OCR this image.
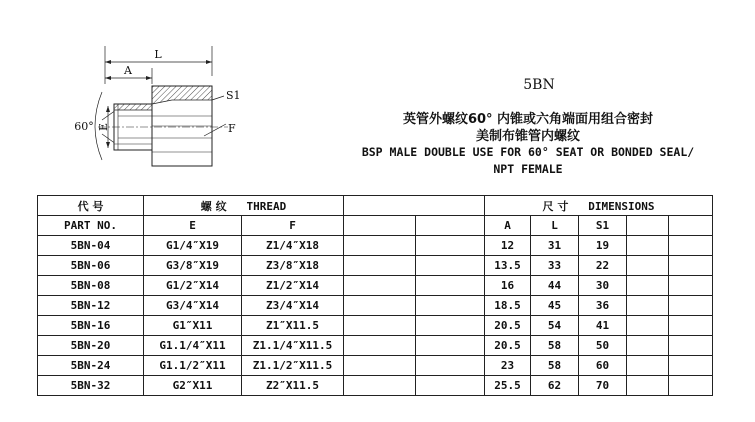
L
A
E
60°
S1
F
5BN
英管外螺纹60° 内锥或六角端面用组合密封
美制布锥管内螺纹
BSP MALE DOUBLE USE FOR 60° SEAT OR BONDED SEAL/
NPT FEMALE
代 号	螺 纹 THREAD				尺 寸 DIMENSIONS				
PART NO.	E	F			A	L	S1		
5BN-04	G1/4″X19	Z1/4″X18			12	31	19		
5BN-06	G3/8″X19	Z3/8″X18			13.5	33	22		
5BN-08	G1/2″X14	Z1/2″X14			16	44	30		
5BN-12	G3/4″X14	Z3/4″X14			18.5	45	36		
5BN-16	G1″X11	Z1″X11.5			20.5	54	41		
5BN-20	G1.1/4″X11	Z1.1/4″X11.5			20.5	58	50		
5BN-24	G1.1/2″X11	Z1.1/2″X11.5			23	58	60		
5BN-32	G2″X11	Z2″X11.5			25.5	62	70		
